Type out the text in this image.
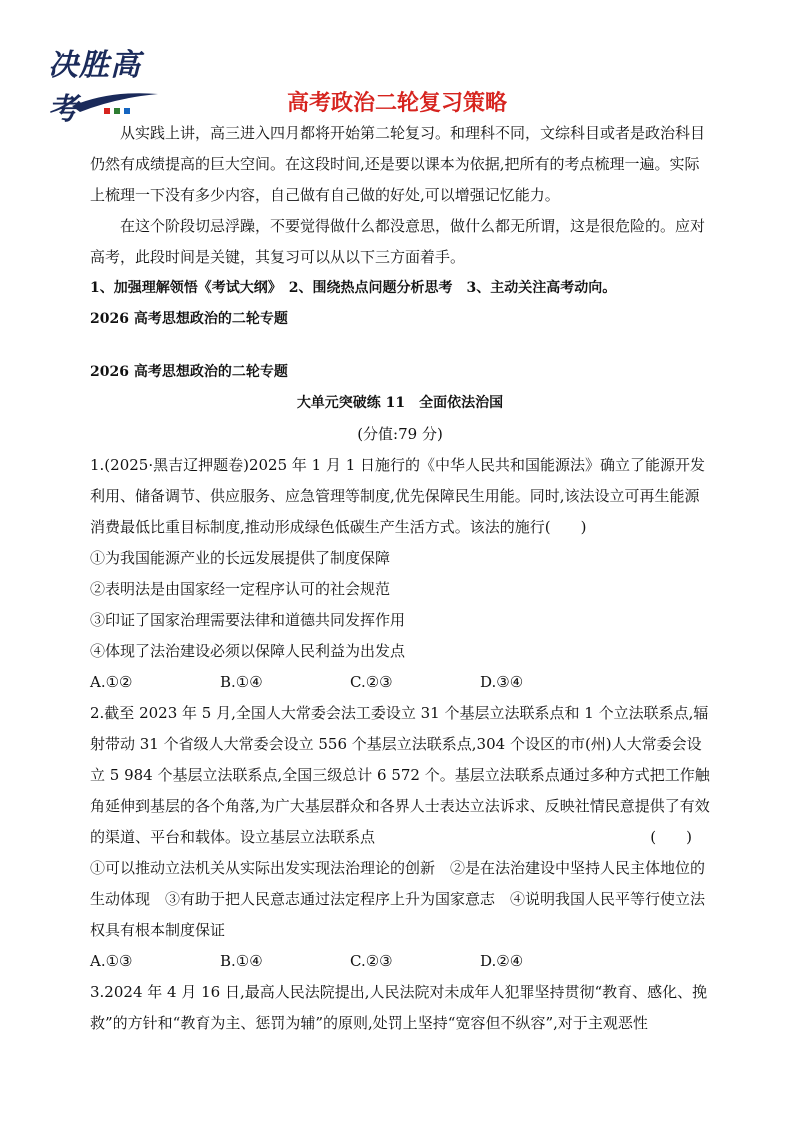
决胜高考	高考政治二轮复习策略

从实践上讲，高三进入四月都将开始第二轮复习。和理科不同，文综科目或者是政治科目仍然有成绩提高的巨大空间。在这段时间,还是要以课本为依据,把所有的考点梳理一遍。实际上梳理一下没有多少内容，自己做有自己做的好处,可以增强记忆能力。

在这个阶段切忌浮躁，不要觉得做什么都没意思，做什么都无所谓，这是很危险的。应对高考，此段时间是关键，其复习可以从以下三方面着手。

1、加强理解领悟《考试大纲》　2、围绕热点问题分析思考　3、主动关注高考动向。

2026 高考思想政治的二轮专题

2026 高考思想政治的二轮专题

大单元突破练 11　全面依法治国

(分值:79 分)

1.(2025·黑吉辽押题卷)2025 年 1 月 1 日施行的《中华人民共和国能源法》确立了能源开发利用、储备调节、供应服务、应急管理等制度,优先保障民生用能。同时,该法设立可再生能源消费最低比重目标制度,推动形成绿色低碳生产生活方式。该法的施行(　　)

①为我国能源产业的长远发展提供了制度保障

②表明法是由国家经一定程序认可的社会规范

③印证了国家治理需要法律和道德共同发挥作用

④体现了法治建设必须以保障人民利益为出发点

A.①②	B.①④	C.②③	D.③④

2.截至 2023 年 5 月,全国人大常委会法工委设立 31 个基层立法联系点和 1 个立法联系点,辐射带动 31 个省级人大常委会设立 556 个基层立法联系点,304 个设区的市(州)人大常委会设立 5 984 个基层立法联系点,全国三级总计 6 572 个。基层立法联系点通过多种方式把工作触角延伸到基层的各个角落,为广大基层群众和各界人士表达立法诉求、反映社情民意提供了有效的渠道、平台和载体。设立基层立法联系点	(　　)

①可以推动立法机关从实际出发实现法治理论的创新　②是在法治建设中坚持人民主体地位的生动体现　③有助于把人民意志通过法定程序上升为国家意志　④说明我国人民平等行使立法权具有根本制度保证

A.①③	B.①④	C.②③	D.②④

3.2024 年 4 月 16 日,最高人民法院提出,人民法院对未成年人犯罪坚持贯彻“教育、感化、挽救”的方针和“教育为主、惩罚为辅”的原则,处罚上坚持“宽容但不纵容”,对于主观恶性
